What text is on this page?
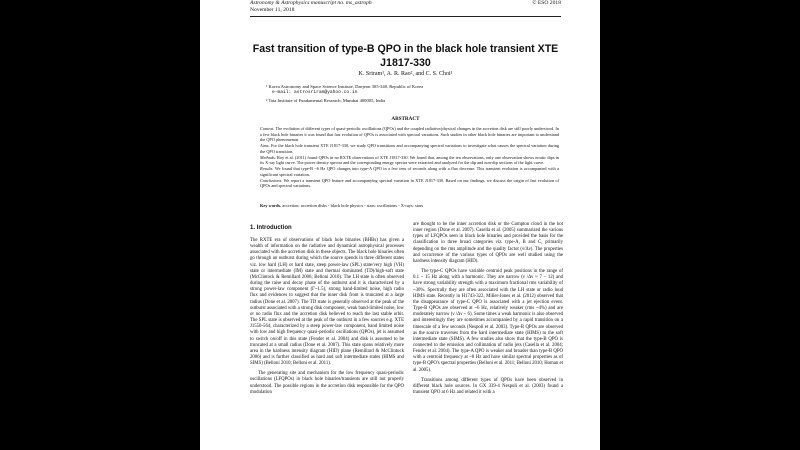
Astronomy & Astrophysics manuscript no. ms_astroph
November 11, 2018
© ESO 2018
Fast transition of type-B QPO in the black hole transient XTE J1817-330
K. Sriram¹, A. R. Rao², and C. S. Choi¹
¹ Korea Astronomy and Space Science Institute, Daejeon 305-348, Republic of Korea
e-mail: astrosriram@yahoo.co.in
² Tata Institute of Fundamental Research, Mumbai 400005, India
ABSTRACT

Context. The evolution of different types of quasi-periodic oscillations (QPOs) and the coupled radiative/physical changes in the accretion disk are still poorly understood. In a few black hole binaries it was found that fast evolution of QPOs is associated with spectral variations. Such studies in other black hole binaries are important to understand the QPO phenomenon.

Aims. For the black hole transient XTE J1817-330, we study QPO transitions and accompanying spectral variations to investigate what causes the spectral variation during the QPO transition.

Methods. Roy et al. (2011) found QPOs in no RXTE observations of XTE J1817-330. We found that, among the ten observations, only one observation shows erratic dips in its X-ray light curve. The power density spectra and the corresponding energy spectra were extracted and analyzed for the dip and non-dip sections of the light curve.

Results. We found that type-B ~6 Hz QPO changes into type-A QPO in a few tens of seconds along with a flux decrease. This transient evolution is accompanied with a significant spectral variation.

Conclusions. We report a transient QPO feature and accompanying spectral variation in XTE J1817-330. Based on our findings, we discuss the origin of fast evolution of QPOs and spectral variations.

Key words. accretion: accretion disks - black hole physics - stars: oscillations - X-rays: stars
1. Introduction

The RXTE era of observations of black hole binaries (BHBs) has given a wealth of information on the radiative and dynamical astrophysical processes associated with the accretion disk in these objects. The black hole binaries often go through an outburst during which the source spends in three different states viz. low hard (LH) or hard state, steep power-law (SPL) state/very high (VH) state or intermediate (IM) state and thermal dominated (TD)/high-soft state (McClintock & Remillard 2006; Belloni 2010). The LH state is often observed during the raise and decay phase of the outburst and it is characterized by a strong power-law component (Γ~1.5), strong band-limited noise, high radio flux and evidences to suggest that the inner disk front is truncated at a large radius (Done et al. 2007). The TD state is generally observed at the peak of the outburst associated with a strong disk component, weak band-limited noise, low or no radio flux and the accretion disk believed to reach the last stable orbit. The SPL state is observed at the peak of the outburst in a few sources e.g. XTE J1550-564, characterized by a steep power-law component, band limited noise with low and high frequency quasi-periodic oscillations (QPOs), jet is assumed to switch on/off in this state (Fender et al. 2004) and disk is assumed to be truncated at a small radius (Done et al. 2007). This state spans relatively more area in the hardness intensity diagram (HID) plane (Remillard & McClintock 2006) and is further classified as hard and soft intermediate states (HIMS and SIMS) (Belloni 2010; Belloni et al. 2011).

The generating site and mechanism for the low frequency quasi-periodic oscillations (LFQPOs) in black hole binaries/transients are still not properly understood. The possible regions in the accretion disk responsible for the QPO modulation

are thought to be the inner accretion disk or the Compton cloud in the hot inner region (Done et al. 2007). Casella et al. (2005) summarized the various types of LFQPOs seen in black hole binaries and provided the basis for the classification in three broad categories viz. type-A, B and C, primarily depending on the rms amplitude and the quality factor (ν/Δν). The properties and occurrence of the various types of QPOs are well studied using the hardness intensity diagram (HID).

The type-C QPOs have variable centroid peak positions in the range of 0.1 – 15 Hz along with a harmonic. They are narrow (ν /Δν ≈ 7 – 12) and have strong variability strength with a maximum fractional rms variability of ~30%. Spectrally they are often associated with the LH state or radio loud HIMS state. Recently in H1743-322, Miller-Jones et al. (2012) observed that the disappearance of type-C QPO is associated with a jet ejection event. Type-B QPOs are observed at ~6 Hz, relatively weaker (rms ~4%) and are moderately narrow (ν /Δν ~ 6). Some times a weak harmonic is also observed and interestingly they are sometimes accompanied by a rapid transition on a timescale of a few seconds (Nespoli et al. 2003). Type-B QPOs are observed as the source traverses from the hard intermediate state (HIMS) to the soft intermediate state (SIMS). A few studies also show that the type-B QPO is connected to the emission and collimation of radio jets (Casella et al. 2004; Fender et al. 2004). The type-A QPO is weaker and broader than type-B QPO with a centroid frequency at ~8 Hz and have similar spectral properties as of type-B QPO's spectral properties (Belloni et al. 2011; Belloni 2010; Homan et al. 2005).

Transitions among different types of QPOs have been observed in different black hole sources. In GX 339-4 Nespoli et al. (2003) found a transient QPO at 6 Hz and related it with a
